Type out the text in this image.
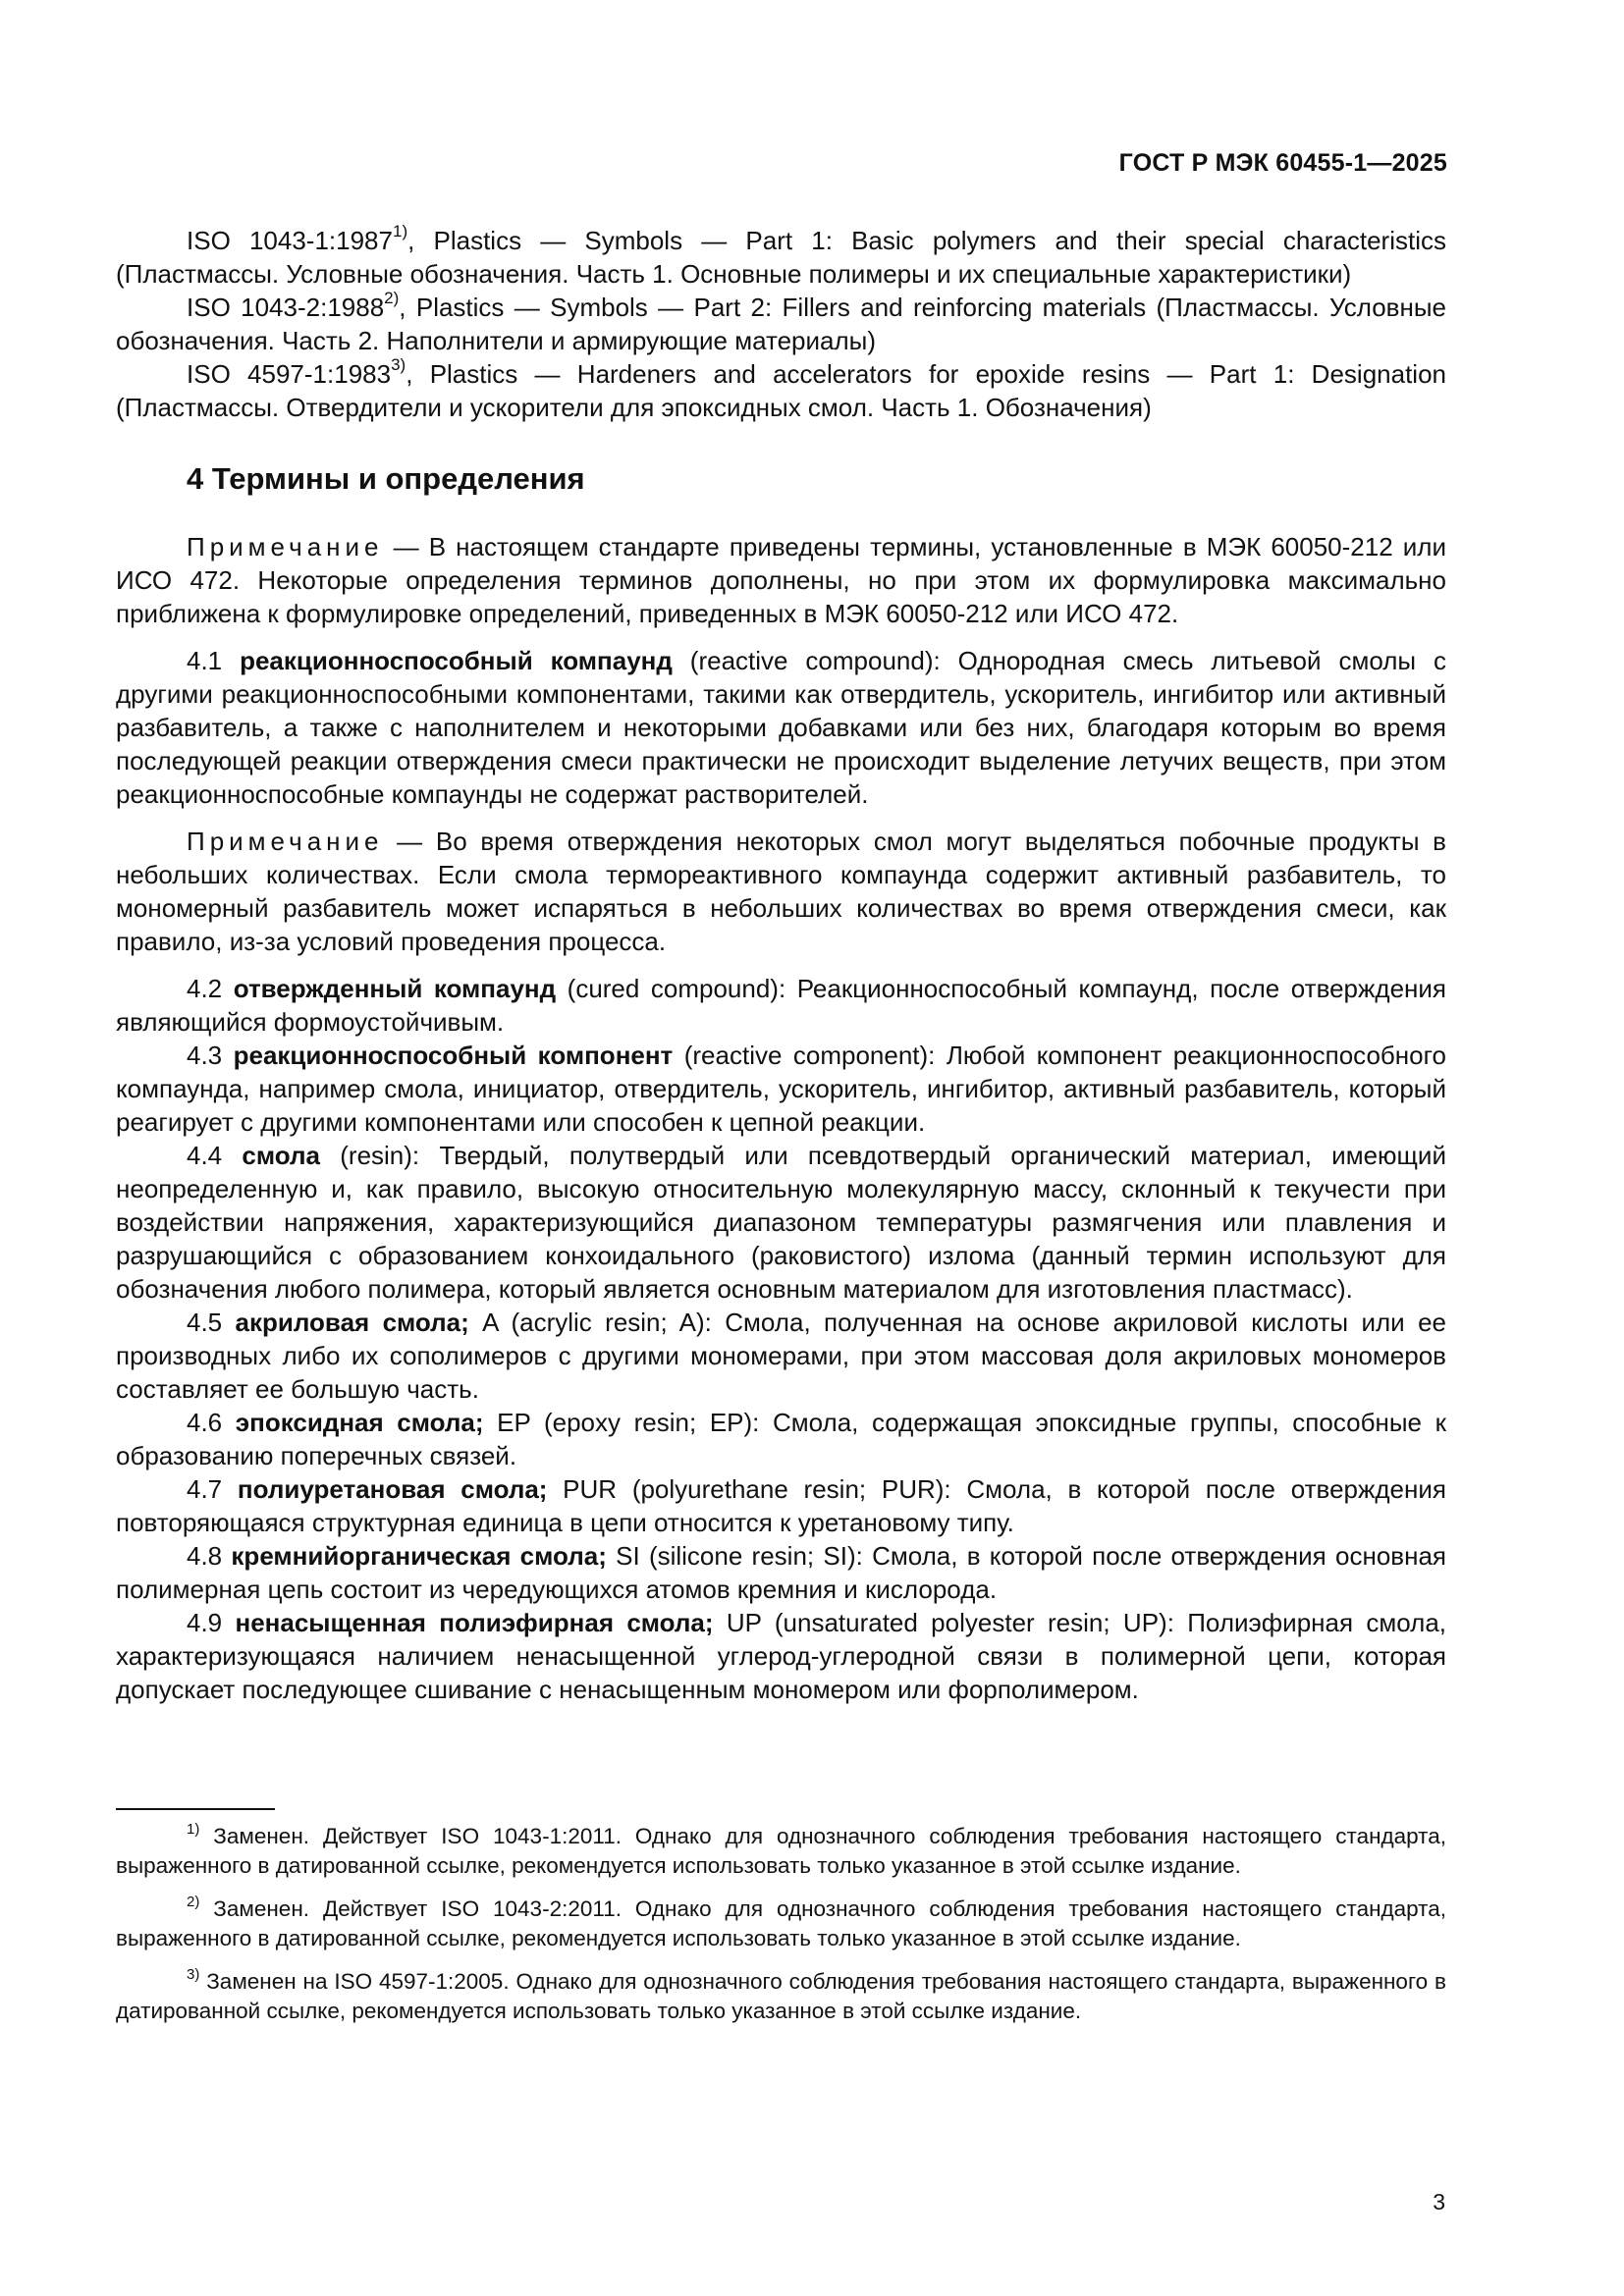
ГОСТ Р МЭК 60455-1—2025

ISO 1043-1:1987$^{1)}$, Plastics — Symbols — Part 1: Basic polymers and their special characteristics (Пластмассы. Условные обозначения. Часть 1. Основные полимеры и их специальные характеристики)

ISO 1043-2:1988$^{2)}$, Plastics — Symbols — Part 2: Fillers and reinforcing materials (Пластмассы. Условные обозначения. Часть 2. Наполнители и армирующие материалы)

ISO 4597-1:1983$^{3)}$, Plastics — Hardeners and accelerators for epoxide resins — Part 1: Designation (Пластмассы. Отвердители и ускорители для эпоксидных смол. Часть 1. Обозначения)

4 Термины и определения

Примечание — В настоящем стандарте приведены термины, установленные в МЭК 60050-212 или ИСО 472. Некоторые определения терминов дополнены, но при этом их формулировка максимально приближена к формулировке определений, приведенных в МЭК 60050-212 или ИСО 472.

4.1 реакционноспособный компаунд (reactive compound): Однородная смесь литьевой смолы с другими реакционноспособными компонентами, такими как отвердитель, ускоритель, ингибитор или активный разбавитель, а также с наполнителем и некоторыми добавками или без них, благодаря которым во время последующей реакции отверждения смеси практически не происходит выделение летучих веществ, при этом реакционноспособные компаунды не содержат растворителей.

Примечание — Во время отверждения некоторых смол могут выделяться побочные продукты в небольших количествах. Если смола термореактивного компаунда содержит активный разбавитель, то мономерный разбавитель может испаряться в небольших количествах во время отверждения смеси, как правило, из-за условий проведения процесса.

4.2 отвержденный компаунд (cured compound): Реакционноспособный компаунд, после отверждения являющийся формоустойчивым.

4.3 реакционноспособный компонент (reactive component): Любой компонент реакционноспособного компаунда, например смола, инициатор, отвердитель, ускоритель, ингибитор, активный разбавитель, который реагирует с другими компонентами или способен к цепной реакции.

4.4 смола (resin): Твердый, полутвердый или псевдотвердый органический материал, имеющий неопределенную и, как правило, высокую относительную молекулярную массу, склонный к текучести при воздействии напряжения, характеризующийся диапазоном температуры размягчения или плавления и разрушающийся с образованием конхоидального (раковистого) излома (данный термин используют для обозначения любого полимера, который является основным материалом для изготовления пластмасс).

4.5 акриловая смола; A (acrylic resin; A): Смола, полученная на основе акриловой кислоты или ее производных либо их сополимеров с другими мономерами, при этом массовая доля акриловых мономеров составляет ее большую часть.

4.6 эпоксидная смола; EP (epoxy resin; EP): Смола, содержащая эпоксидные группы, способные к образованию поперечных связей.

4.7 полиуретановая смола; PUR (polyurethane resin; PUR): Смола, в которой после отверждения повторяющаяся структурная единица в цепи относится к уретановому типу.

4.8 кремнийорганическая смола; SI (silicone resin; SI): Смола, в которой после отверждения основная полимерная цепь состоит из чередующихся атомов кремния и кислорода.

4.9 ненасыщенная полиэфирная смола; UP (unsaturated polyester resin; UP): Полиэфирная смола, характеризующаяся наличием ненасыщенной углерод-углеродной связи в полимерной цепи, которая допускает последующее сшивание с ненасыщенным мономером или форполимером.

$^{1)}$ Заменен. Действует ISO 1043-1:2011. Однако для однозначного соблюдения требования настоящего стандарта, выраженного в датированной ссылке, рекомендуется использовать только указанное в этой ссылке издание.

$^{2)}$ Заменен. Действует ISO 1043-2:2011. Однако для однозначного соблюдения требования настоящего стандарта, выраженного в датированной ссылке, рекомендуется использовать только указанное в этой ссылке издание.

$^{3)}$ Заменен на ISO 4597-1:2005. Однако для однозначного соблюдения требования настоящего стандарта, выраженного в датированной ссылке, рекомендуется использовать только указанное в этой ссылке издание.

3
